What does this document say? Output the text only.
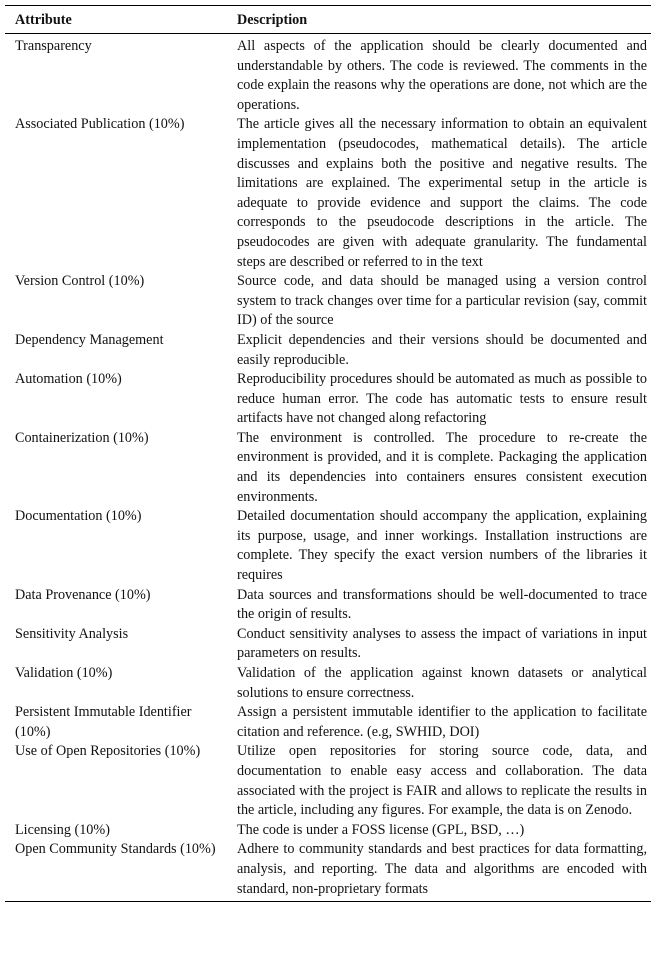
Attribute	Description
Transparency	All aspects of the application should be clearly documented and understandable by others. The code is reviewed. The comments in the code explain the reasons why the operations are done, not which are the operations.
Associated Publication (10%)	The article gives all the necessary information to obtain an equivalent implementation (pseudocodes, mathematical details). The article discusses and explains both the positive and negative results. The limitations are explained. The experimental setup in the article is adequate to provide evidence and support the claims. The code corresponds to the pseudocode descriptions in the article. The pseudocodes are given with adequate granularity. The fundamental steps are described or referred to in the text
Version Control (10%)	Source code, and data should be managed using a version control system to track changes over time for a particular revision (say, commit ID) of the source
Dependency Management	Explicit dependencies and their versions should be documented and easily reproducible.
Automation (10%)	Reproducibility procedures should be automated as much as possible to reduce human error. The code has automatic tests to ensure result artifacts have not changed along refactoring
Containerization (10%)	The environment is controlled. The procedure to re-create the environment is provided, and it is complete. Packaging the application and its dependencies into containers ensures consistent execution environments.
Documentation (10%)	Detailed documentation should accompany the application, explaining its purpose, usage, and inner workings. Installation instructions are complete. They specify the exact version numbers of the libraries it requires
Data Provenance (10%)	Data sources and transformations should be well-documented to trace the origin of results.
Sensitivity Analysis	Conduct sensitivity analyses to assess the impact of variations in input parameters on results.
Validation (10%)	Validation of the application against known datasets or analytical solutions to ensure correctness.
Persistent Immutable Identifier (10%)	Assign a persistent immutable identifier to the application to facilitate citation and reference. (e.g, SWHID, DOI)
Use of Open Repositories (10%)	Utilize open repositories for storing source code, data, and documentation to enable easy access and collaboration. The data associated with the project is FAIR and allows to replicate the results in the article, including any figures. For example, the data is on Zenodo.
Licensing (10%)	The code is under a FOSS license (GPL, BSD, …)
Open Community Standards (10%)	Adhere to community standards and best practices for data formatting, analysis, and reporting. The data and algorithms are encoded with standard, non-proprietary formats
